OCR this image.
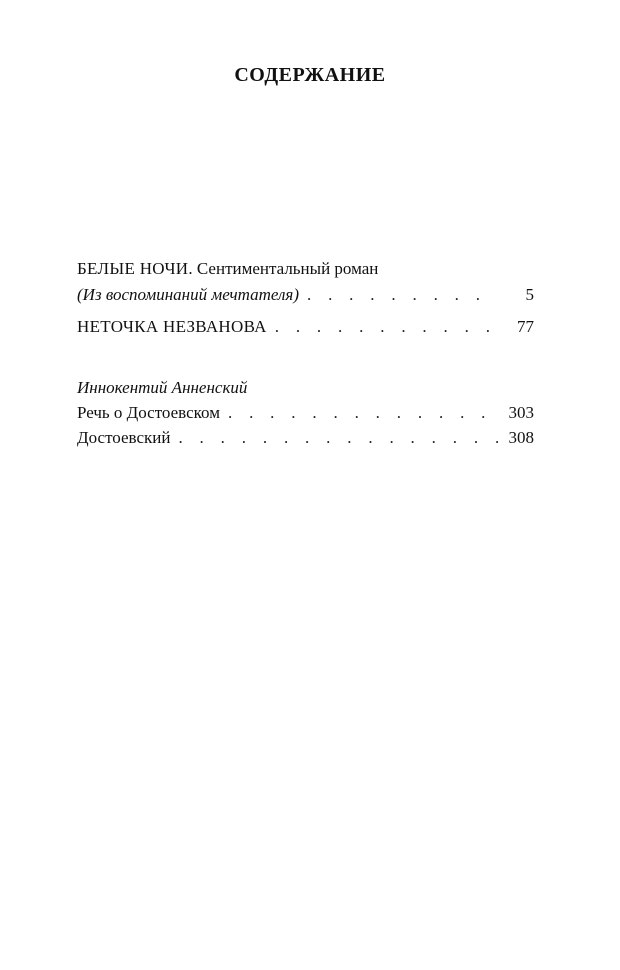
СОДЕРЖАНИЕ
БЕЛЫЕ НОЧИ. Сентиментальный роман
(Из воспоминаний мечтателя) . . .	5
НЕТОЧКА НЕЗВАНОВА . . .	77
Иннокентий Анненский
Речь о Достоевском . . .	303
Достоевский . . .	308
